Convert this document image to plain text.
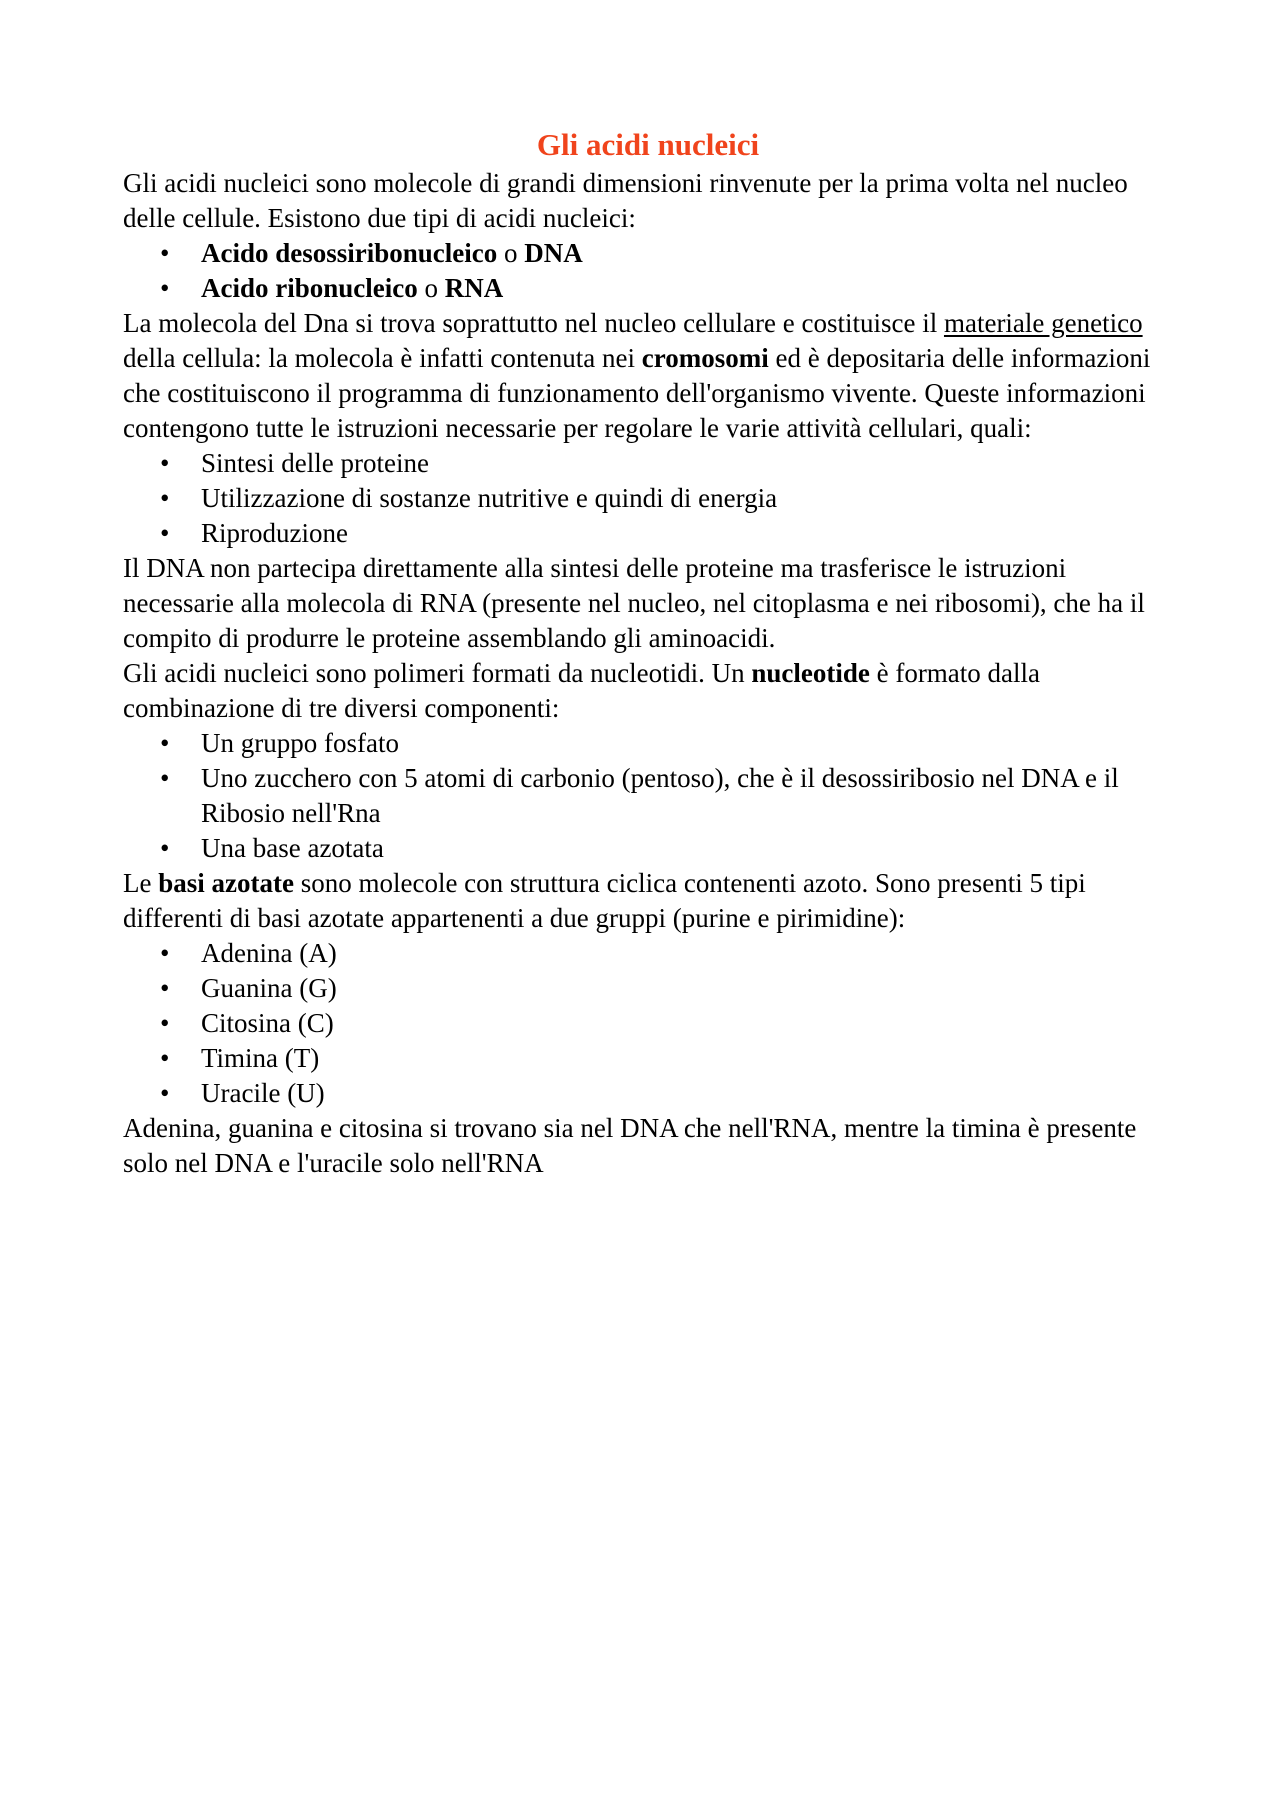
Gli acidi nucleici

Gli acidi nucleici sono molecole di grandi dimensioni rinvenute per la prima volta nel nucleo delle cellule. Esistono due tipi di acidi nucleici:

• Acido desossiribonucleico o DNA
• Acido ribonucleico o RNA

La molecola del Dna si trova soprattutto nel nucleo cellulare e costituisce il materiale genetico della cellula: la molecola è infatti contenuta nei cromosomi ed è depositaria delle informazioni che costituiscono il programma di funzionamento dell'organismo vivente. Queste informazioni contengono tutte le istruzioni necessarie per regolare le varie attività cellulari, quali:

• Sintesi delle proteine
• Utilizzazione di sostanze nutritive e quindi di energia
• Riproduzione

Il DNA non partecipa direttamente alla sintesi delle proteine ma trasferisce le istruzioni necessarie alla molecola di RNA (presente nel nucleo, nel citoplasma e nei ribosomi), che ha il compito di produrre le proteine assemblando gli aminoacidi.

Gli acidi nucleici sono polimeri formati da nucleotidi. Un nucleotide è formato dalla combinazione di tre diversi componenti:

• Un gruppo fosfato
• Uno zucchero con 5 atomi di carbonio (pentoso), che è il desossiribosio nel DNA e il Ribosio nell'Rna
• Una base azotata

Le basi azotate sono molecole con struttura ciclica contenenti azoto. Sono presenti 5 tipi differenti di basi azotate appartenenti a due gruppi (purine e pirimidine):

• Adenina (A)
• Guanina (G)
• Citosina (C)
• Timina (T)
• Uracile (U)

Adenina, guanina e citosina si trovano sia nel DNA che nell'RNA, mentre la timina è presente solo nel DNA e l'uracile solo nell'RNA
